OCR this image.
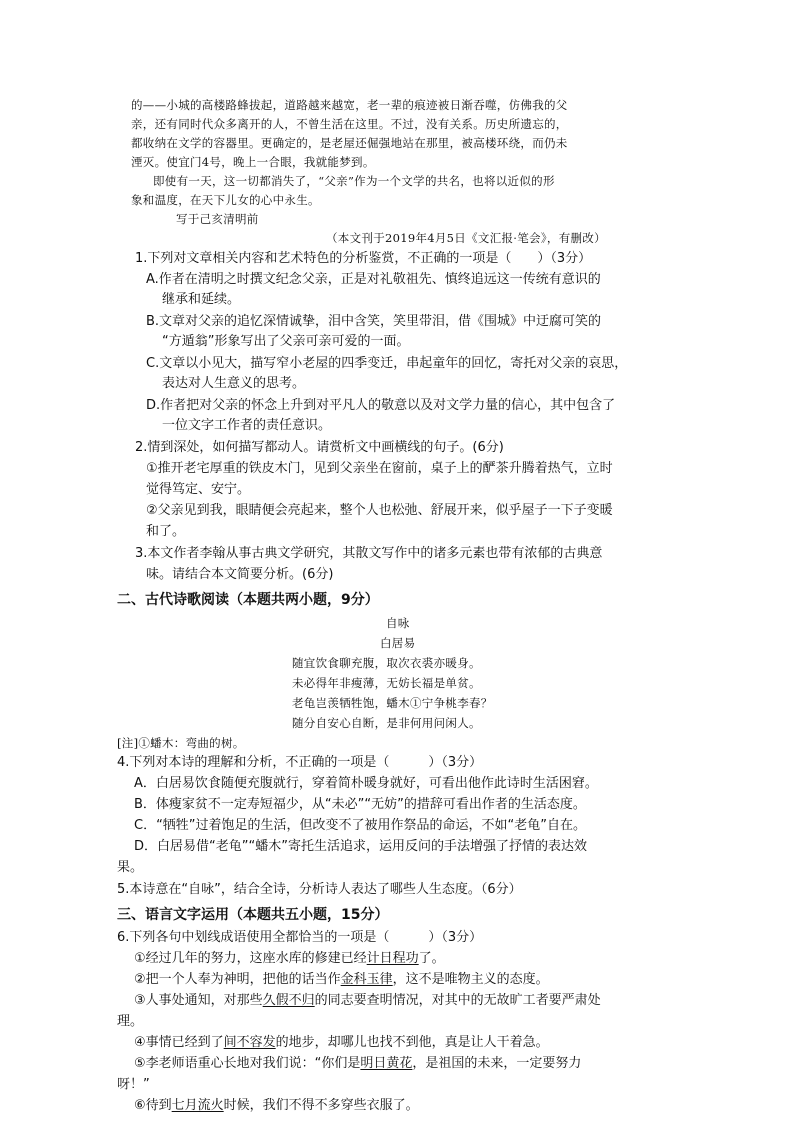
的——小城的高楼路蜂拔起，道路越来越宽，老一辈的痕迹被日渐吞噬，仿佛我的父
亲，还有同时代众多离开的人，不曾生活在这里。不过，没有关系。历史所遗忘的，
都收纳在文学的容器里。更确定的，是老屋还倔强地站在那里，被高楼环绕，而仍未
湮灭。使宜门4号，晚上一合眼，我就能梦到。
即使有一天，这一切都消失了，“父亲”作为一个文学的共名，也将以近似的形
象和温度，在天下儿女的心中永生。
写于己亥清明前
（本文刊于2019年4月5日《文汇报·笔会》，有删改）
1.下列对文章相关内容和艺术特色的分析鉴赏，不正确的一项是（　　）（3分）
A.作者在清明之时撰文纪念父亲，正是对礼敬祖先、慎终追远这一传统有意识的
继承和延续。
B.文章对父亲的追忆深情诚挚，泪中含笑，笑里带泪，借《围城》中迂腐可笑的
“方遁翁”形象写出了父亲可亲可爱的一面。
C.文章以小见大，描写窄小老屋的四季变迁，串起童年的回忆，寄托对父亲的哀思，
表达对人生意义的思考。
D.作者把对父亲的怀念上升到对平凡人的敬意以及对文学力量的信心，其中包含了
一位文字工作者的责任意识。
2.情到深处，如何描写都动人。请赏析文中画横线的句子。(6分)
①推开老宅厚重的铁皮木门，见到父亲坐在窗前，桌子上的酽茶升腾着热气，立时
觉得笃定、安宁。
②父亲见到我，眼睛便会亮起来，整个人也松弛、舒展开来，似乎屋子一下子变暖
和了。
3.本文作者李翰从事古典文学研究，其散文写作中的诸多元素也带有浓郁的古典意
味。请结合本文简要分析。(6分)
二、古代诗歌阅读（本题共两小题，9分）
自咏
白居易
随宜饮食聊充腹，取次衣裘亦暖身。
未必得年非瘦薄，无妨长福是单贫。
老龟岂羡牺牲饱，蟠木①宁争桃李春？
随分自安心自断，是非何用问闲人。
[注]①蟠木：弯曲的树。
4.下列对本诗的理解和分析，不正确的一项是（　　　）（3分）
A．白居易饮食随便充腹就行，穿着简朴暖身就好，可看出他作此诗时生活困窘。
B．体瘦家贫不一定寿短福少，从“未必”“无妨”的措辞可看出作者的生活态度。
C．“牺牲”过着饱足的生活，但改变不了被用作祭品的命运，不如“老龟”自在。
D．白居易借“老龟”“蟠木”寄托生活追求，运用反问的手法增强了抒情的表达效
果。
5.本诗意在“自咏”，结合全诗，分析诗人表达了哪些人生态度。（6分）
三、语言文字运用（本题共五小题，15分）
6.下列各句中划线成语使用全都恰当的一项是（　　　）（3分）
①经过几年的努力，这座水库的修建已经计日程功了。
②把一个人奉为神明，把他的话当作金科玉律，这不是唯物主义的态度。
③人事处通知，对那些久假不归的同志要查明情况，对其中的无故旷工者要严肃处
理。
④事情已经到了间不容发的地步，却哪儿也找不到他，真是让人干着急。
⑤李老师语重心长地对我们说：“你们是明日黄花，是祖国的未来，一定要努力
呀！”
⑥待到七月流火时候，我们不得不多穿些衣服了。
